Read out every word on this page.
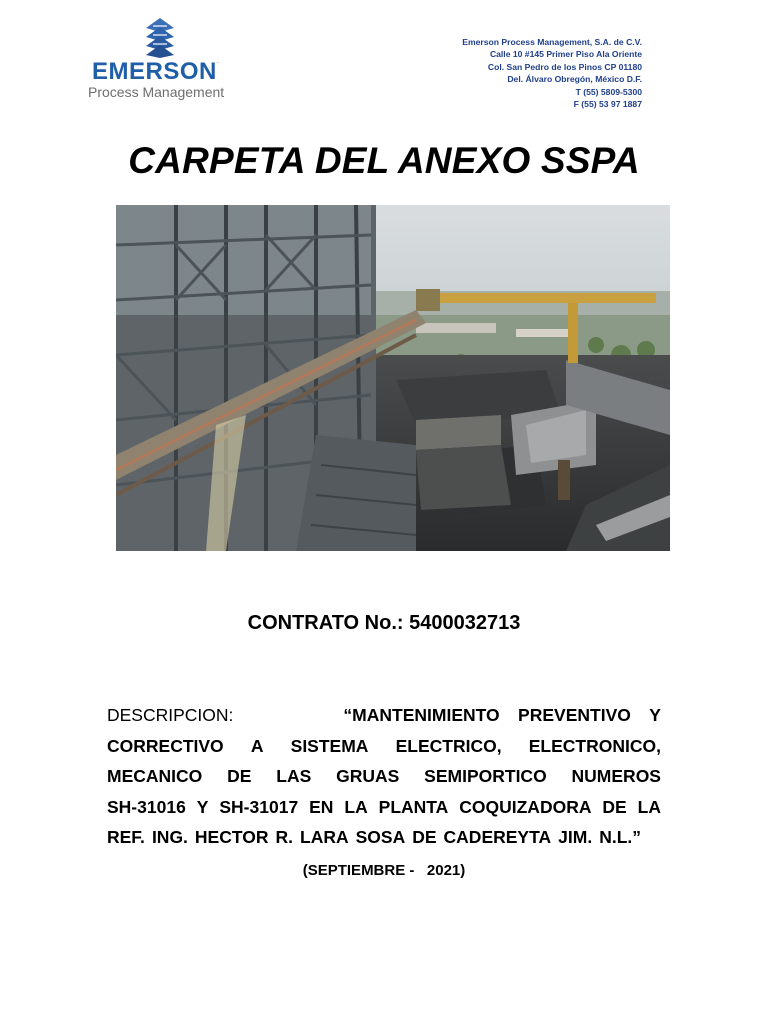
EMERSON.
Process Management
Emerson Process Management, S.A. de C.V.
Calle 10 #145 Primer Piso Ala Oriente
Col. San Pedro de los Pinos CP 01180
Del. Álvaro Obregón, México D.F.
T (55) 5809-5300
F (55) 53 97 1887
CARPETA DEL ANEXO SSPA
CONTRATO No.: 5400032713
DESCRIPCION:	“MANTENIMIENTO PREVENTIVO Y
CORRECTIVO A SISTEMA ELECTRICO, ELECTRONICO,
MECANICO DE LAS GRUAS SEMIPORTICO NUMEROS
SH-31016 Y SH-31017 EN LA PLANTA COQUIZADORA DE LA
REF. ING. HECTOR R. LARA SOSA DE CADEREYTA JIM. N.L.”
(SEPTIEMBRE -   2021)
